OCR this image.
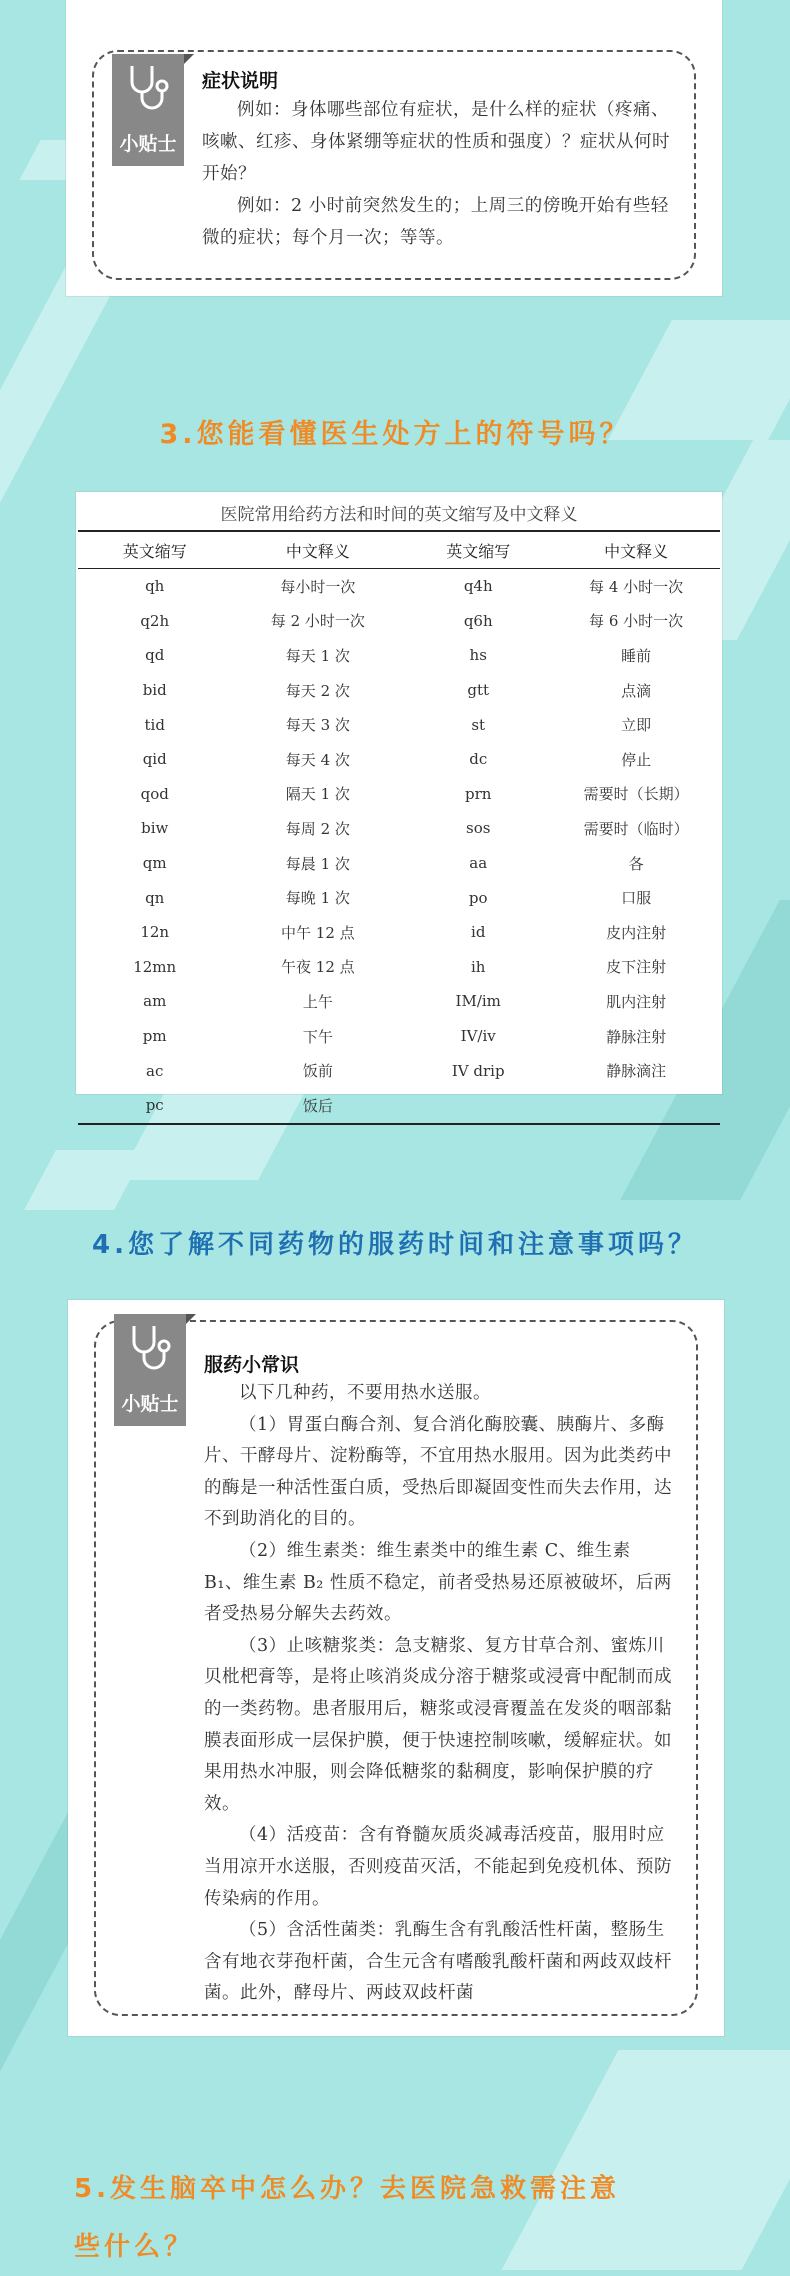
小贴士
症状说明

例如：身体哪些部位有症状，是什么样的症状（疼痛、咳嗽、红疹、身体紧绷等症状的性质和强度）？症状从何时开始？

例如：2 小时前突然发生的；上周三的傍晚开始有些轻微的症状；每个月一次；等等。

3.您能看懂医生处方上的符号吗？
医院常用给药方法和时间的英文缩写及中文释义
英文缩写	中文释义	英文缩写	中文释义
qh	每小时一次	q4h	每 4 小时一次
q2h	每 2 小时一次	q6h	每 6 小时一次
qd	每天 1 次	hs	睡前
bid	每天 2 次	gtt	点滴
tid	每天 3 次	st	立即
qid	每天 4 次	dc	停止
qod	隔天 1 次	prn	需要时（长期）
biw	每周 2 次	sos	需要时（临时）
qm	每晨 1 次	aa	各
qn	每晚 1 次	po	口服
12n	中午 12 点	id	皮内注射
12mn	午夜 12 点	ih	皮下注射
am	上午	IM/im	肌内注射
pm	下午	IV/iv	静脉注射
ac	饭前	IV drip	静脉滴注
pc	饭后		
4.您了解不同药物的服药时间和注意事项吗？
小贴士
服药小常识

以下几种药，不要用热水送服。

（1）胃蛋白酶合剂、复合消化酶胶囊、胰酶片、多酶片、干酵母片、淀粉酶等，不宜用热水服用。因为此类药中的酶是一种活性蛋白质，受热后即凝固变性而失去作用，达不到助消化的目的。

（2）维生素类：维生素类中的维生素 C、维生素 B₁、维生素 B₂ 性质不稳定，前者受热易还原被破坏，后两者受热易分解失去药效。

（3）止咳糖浆类：急支糖浆、复方甘草合剂、蜜炼川贝枇杷膏等，是将止咳消炎成分溶于糖浆或浸膏中配制而成的一类药物。患者服用后，糖浆或浸膏覆盖在发炎的咽部黏膜表面形成一层保护膜，便于快速控制咳嗽，缓解症状。如果用热水冲服，则会降低糖浆的黏稠度，影响保护膜的疗效。

（4）活疫苗：含有脊髓灰质炎减毒活疫苗，服用时应当用凉开水送服，否则疫苗灭活，不能起到免疫机体、预防传染病的作用。

（5）含活性菌类：乳酶生含有乳酸活性杆菌，整肠生含有地衣芽孢杆菌，合生元含有嗜酸乳酸杆菌和两歧双歧杆菌。此外，酵母片、两歧双歧杆菌

5.发生脑卒中怎么办？去医院急救需注意
些什么？
